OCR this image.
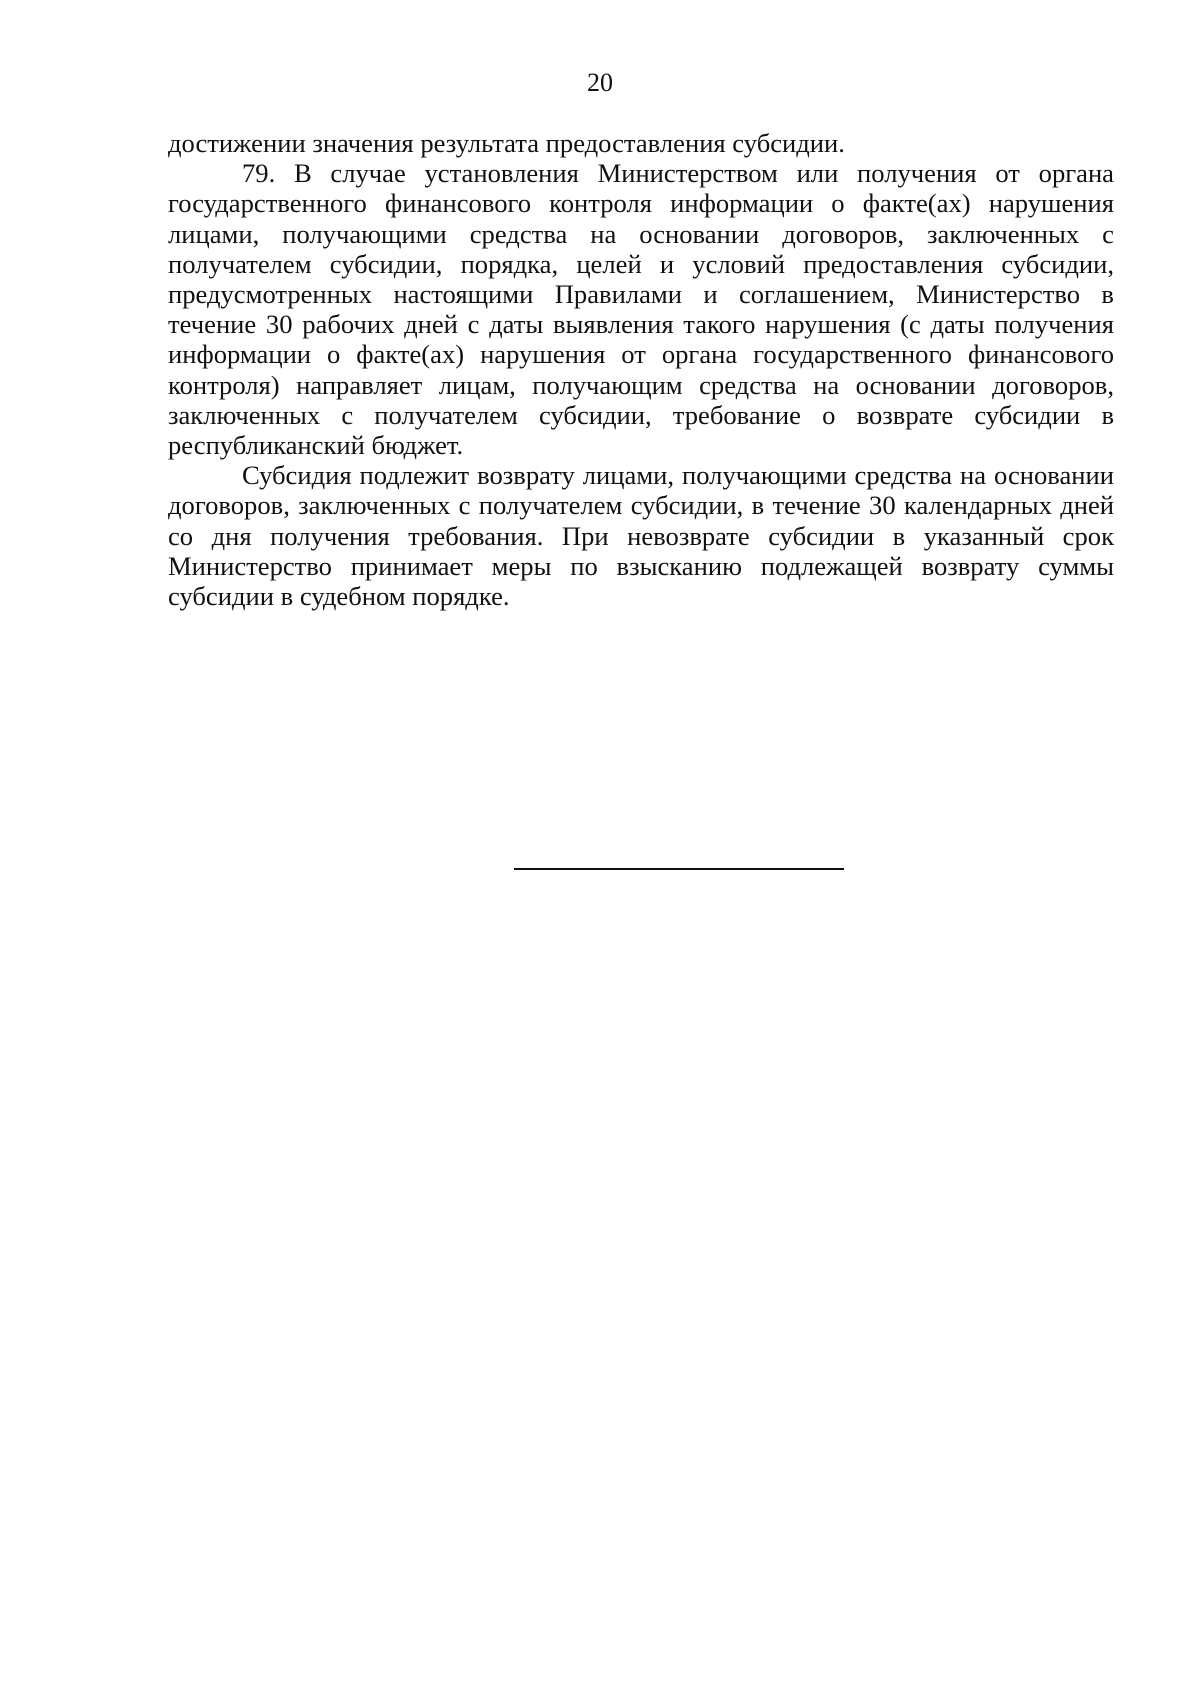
20

достижении значения результата предоставления субсидии.

79. В случае установления Министерством или получения от органа государственного финансового контроля информации о факте(ах) нарушения лицами, получающими средства на основании договоров, заключенных с получателем субсидии, порядка, целей и условий предоставления субсидии, предусмотренных настоящими Правилами и соглашением, Министерство в течение 30 рабочих дней с даты выявления такого нарушения (с даты получения информации о факте(ах) нарушения от органа государственного финансового контроля) направляет лицам, получающим средства на основании договоров, заключенных с получателем субсидии, требование о возврате субсидии в республиканский бюджет.

Субсидия подлежит возврату лицами, получающими средства на основании договоров, заключенных с получателем субсидии, в течение 30 календарных дней со дня получения требования. При невозврате субсидии в указанный срок Министерство принимает меры по взысканию подлежащей возврату суммы субсидии в судебном порядке.
